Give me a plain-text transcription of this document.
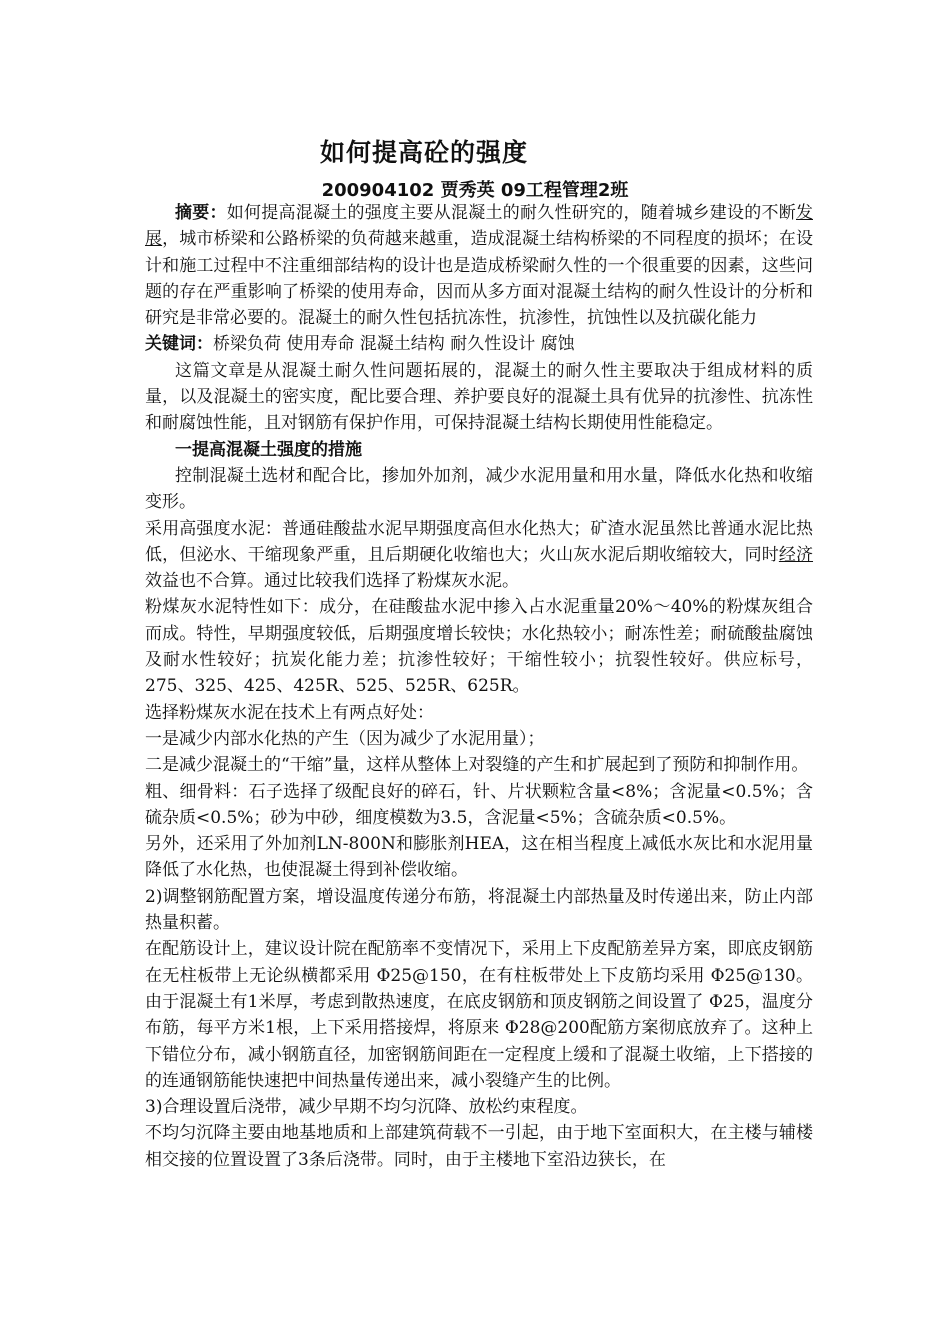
如何提高砼的强度
200904102 贾秀英 09工程管理2班

摘要：如何提高混凝土的强度主要从混凝土的耐久性研究的，随着城乡建设的不断发展，城市桥梁和公路桥梁的负荷越来越重，造成混凝土结构桥梁的不同程度的损坏；在设计和施工过程中不注重细部结构的设计也是造成桥梁耐久性的一个很重要的因素，这些问题的存在严重影响了桥梁的使用寿命，因而从多方面对混凝土结构的耐久性设计的分析和研究是非常必要的。混凝土的耐久性包括抗冻性，抗渗性，抗蚀性以及抗碳化能力

关键词：桥梁负荷 使用寿命 混凝土结构 耐久性设计 腐蚀

这篇文章是从混凝土耐久性问题拓展的，混凝土的耐久性主要取决于组成材料的质量，以及混凝土的密实度，配比要合理、养护要良好的混凝土具有优异的抗渗性、抗冻性和耐腐蚀性能，且对钢筋有保护作用，可保持混凝土结构长期使用性能稳定。

一提高混凝土强度的措施

控制混凝土选材和配合比，掺加外加剂，减少水泥用量和用水量，降低水化热和收缩变形。

采用高强度水泥：普通硅酸盐水泥早期强度高但水化热大；矿渣水泥虽然比普通水泥比热低，但泌水、干缩现象严重，且后期硬化收缩也大；火山灰水泥后期收缩较大，同时经济效益也不合算。通过比较我们选择了粉煤灰水泥。

粉煤灰水泥特性如下：成分，在硅酸盐水泥中掺入占水泥重量20%～40%的粉煤灰组合而成。特性，早期强度较低，后期强度增长较快；水化热较小；耐冻性差；耐硫酸盐腐蚀及耐水性较好；抗炭化能力差；抗渗性较好；干缩性较小；抗裂性较好。供应标号，275、325、425、425R、525、525R、625R。

选择粉煤灰水泥在技术上有两点好处：

一是减少内部水化热的产生（因为减少了水泥用量）；

二是减少混凝土的“干缩”量，这样从整体上对裂缝的产生和扩展起到了预防和抑制作用。

粗、细骨料：石子选择了级配良好的碎石，针、片状颗粒含量<8%；含泥量<0.5%；含硫杂质<0.5%；砂为中砂，细度模数为3.5，含泥量<5%；含硫杂质<0.5%。

另外，还采用了外加剂LN-800N和膨胀剂HEA，这在相当程度上减低水灰比和水泥用量降低了水化热，也使混凝土得到补偿收缩。

2)调整钢筋配置方案，增设温度传递分布筋，将混凝土内部热量及时传递出来，防止内部热量积蓄。

在配筋设计上，建议设计院在配筋率不变情况下，采用上下皮配筋差异方案，即底皮钢筋在无柱板带上无论纵横都采用 Φ25@150，在有柱板带处上下皮筋均采用 Φ25@130。由于混凝土有1米厚，考虑到散热速度，在底皮钢筋和顶皮钢筋之间设置了 Φ25，温度分布筋，每平方米1根，上下采用搭接焊，将原来 Φ28@200配筋方案彻底放弃了。这种上下错位分布，减小钢筋直径，加密钢筋间距在一定程度上缓和了混凝土收缩，上下搭接的的连通钢筋能快速把中间热量传递出来，减小裂缝产生的比例。

3)合理设置后浇带，减少早期不均匀沉降、放松约束程度。

不均匀沉降主要由地基地质和上部建筑荷载不一引起，由于地下室面积大，在主楼与辅楼相交接的位置设置了3条后浇带。同时，由于主楼地下室沿边狭长，在
